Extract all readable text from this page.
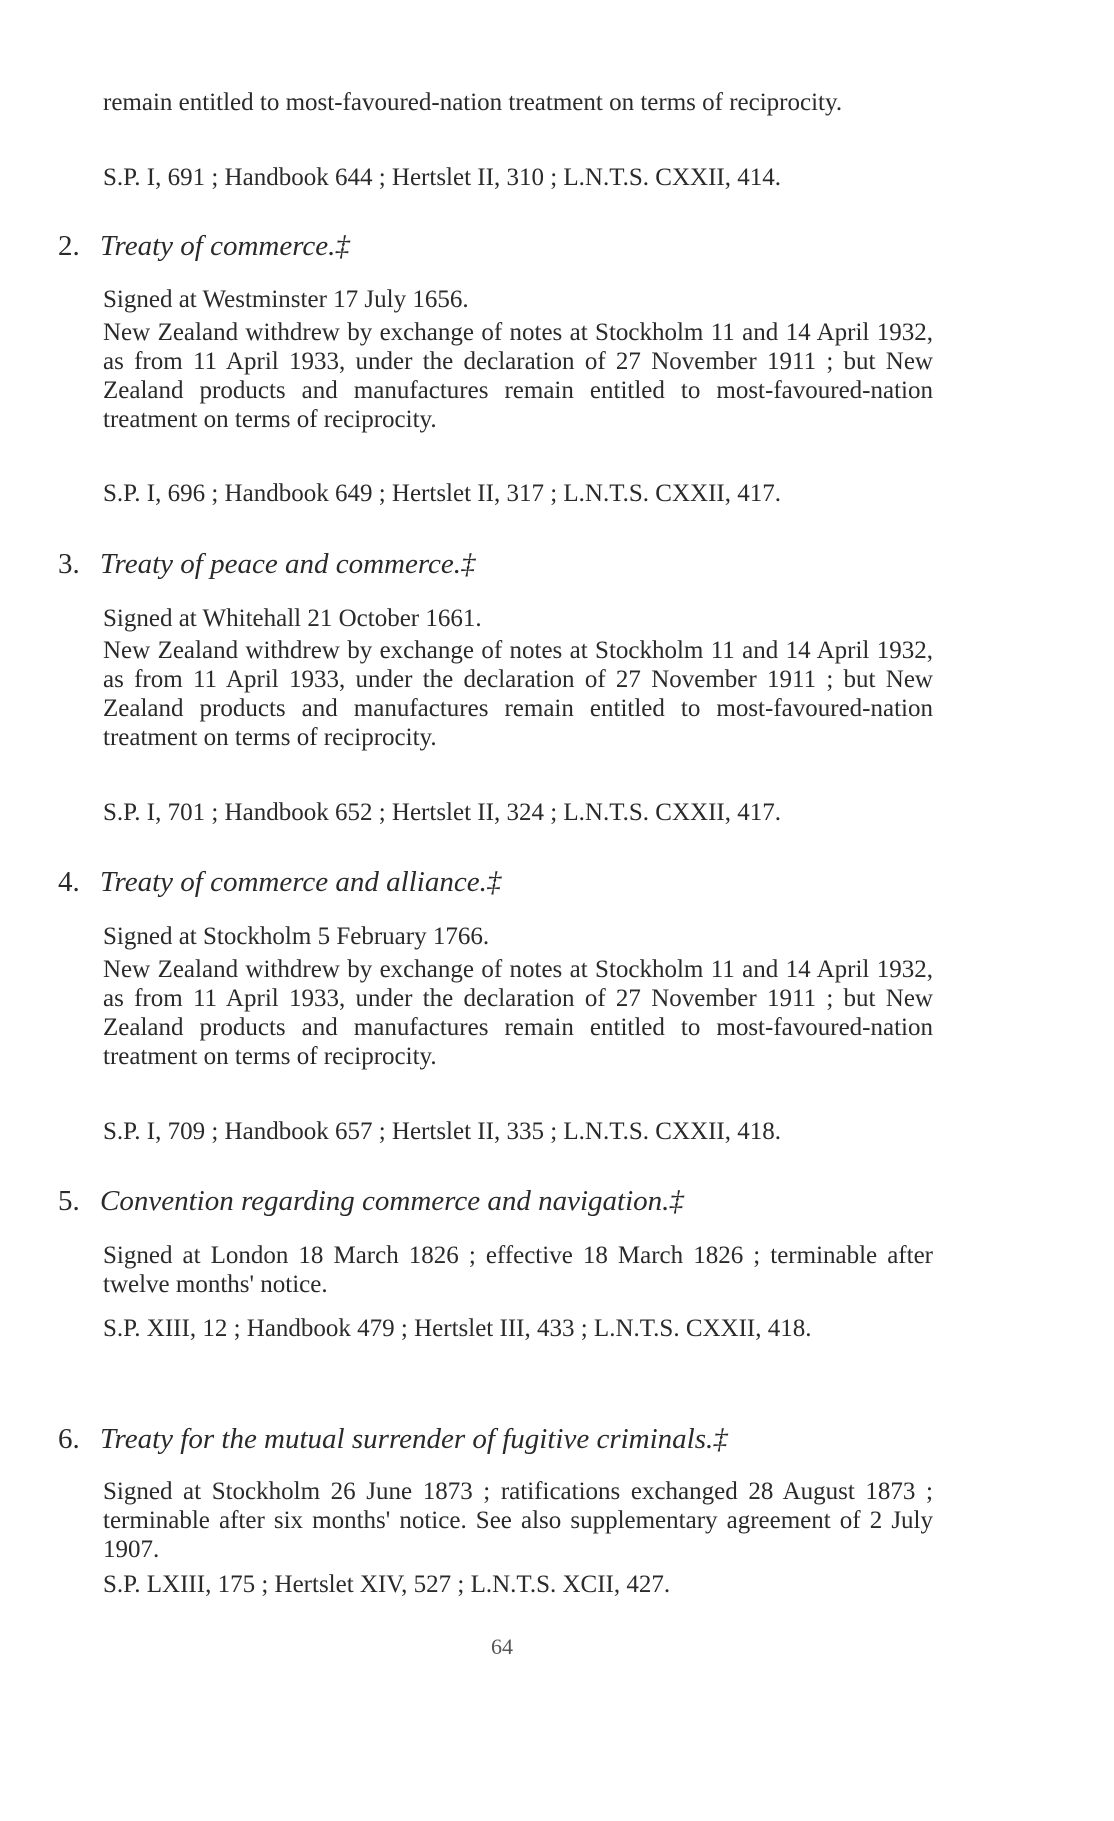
remain entitled to most-favoured-nation treatment on terms of reciprocity.

S.P. I, 691 ; Handbook 644 ; Hertslet II, 310 ; L.N.T.S. CXXII, 414.

2. Treaty of commerce.‡

Signed at Westminster 17 July 1656.

New Zealand withdrew by exchange of notes at Stockholm 11 and 14 April 1932, as from 11 April 1933, under the declaration of 27 November 1911 ; but New Zealand products and manufactures remain entitled to most-favoured-nation treatment on terms of reciprocity.

S.P. I, 696 ; Handbook 649 ; Hertslet II, 317 ; L.N.T.S. CXXII, 417.

3. Treaty of peace and commerce.‡

Signed at Whitehall 21 October 1661.

New Zealand withdrew by exchange of notes at Stockholm 11 and 14 April 1932, as from 11 April 1933, under the declaration of 27 November 1911 ; but New Zealand products and manufactures remain entitled to most-favoured-nation treatment on terms of reciprocity.

S.P. I, 701 ; Handbook 652 ; Hertslet II, 324 ; L.N.T.S. CXXII, 417.

4. Treaty of commerce and alliance.‡

Signed at Stockholm 5 February 1766.

New Zealand withdrew by exchange of notes at Stockholm 11 and 14 April 1932, as from 11 April 1933, under the declaration of 27 November 1911 ; but New Zealand products and manufactures remain entitled to most-favoured-nation treatment on terms of reciprocity.

S.P. I, 709 ; Handbook 657 ; Hertslet II, 335 ; L.N.T.S. CXXII, 418.

5. Convention regarding commerce and navigation.‡

Signed at London 18 March 1826 ; effective 18 March 1826 ; terminable after twelve months' notice.

S.P. XIII, 12 ; Handbook 479 ; Hertslet III, 433 ; L.N.T.S. CXXII, 418.

6. Treaty for the mutual surrender of fugitive criminals.‡

Signed at Stockholm 26 June 1873 ; ratifications exchanged 28 August 1873 ; terminable after six months' notice. See also supplementary agreement of 2 July 1907.

S.P. LXIII, 175 ; Hertslet XIV, 527 ; L.N.T.S. XCII, 427.

64
